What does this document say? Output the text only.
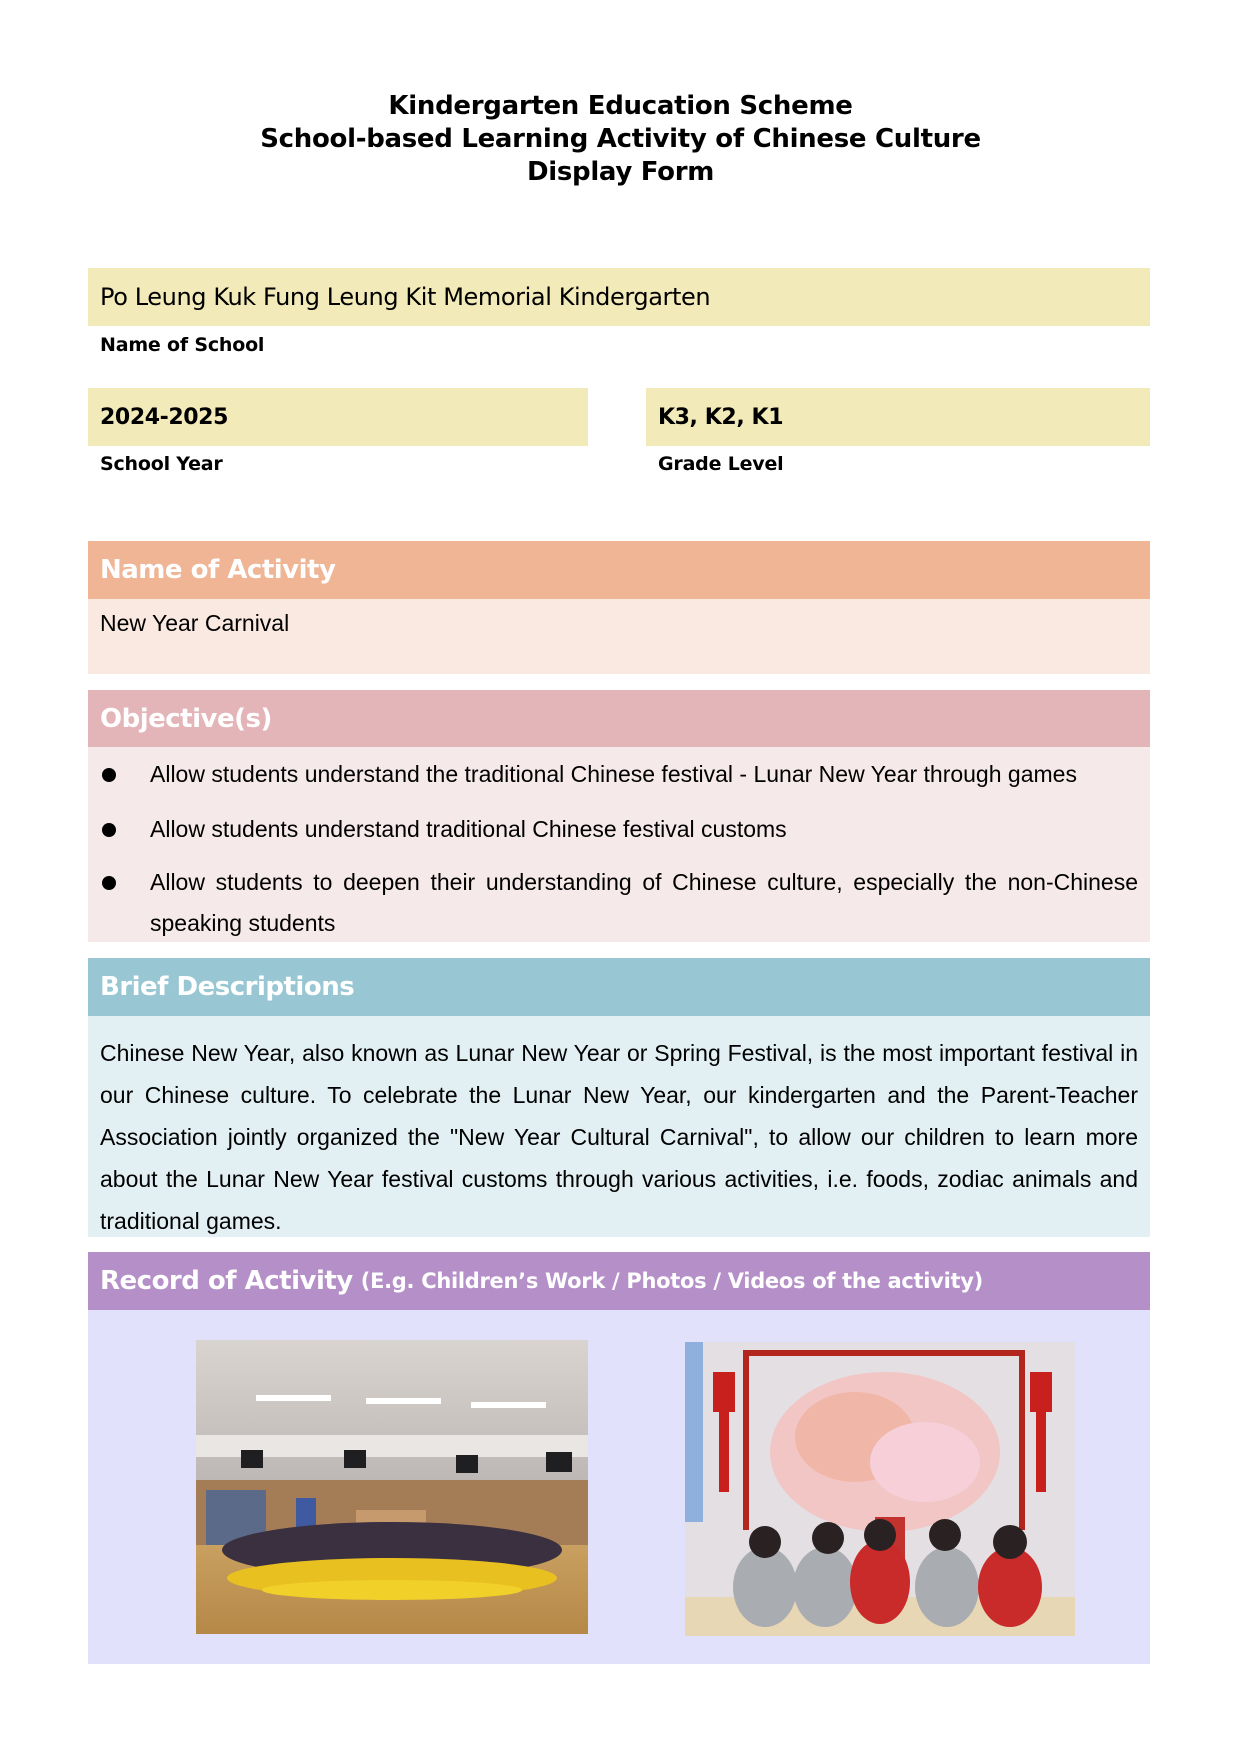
Kindergarten Education Scheme
School-based Learning Activity of Chinese Culture
Display Form
Po Leung Kuk Fung Leung Kit Memorial Kindergarten
Name of School
2024-2025
School Year
K3, K2, K1
Grade Level
Name of Activity
New Year Carnival
Objective(s)
Allow students understand the traditional Chinese festival - Lunar New Year through games
Allow students understand traditional Chinese festival customs
Allow students to deepen their understanding of Chinese culture, especially the non-Chinese speaking students
Brief Descriptions
Chinese New Year, also known as Lunar New Year or Spring Festival, is the most important festival in our Chinese culture. To celebrate the Lunar New Year, our kindergarten and the Parent-Teacher Association jointly organized the "New Year Cultural Carnival", to allow our children to learn more about the Lunar New Year festival customs through various activities, i.e. foods, zodiac animals and traditional games.
Record of Activity (E.g. Children’s Work / Photos / Videos of the activity)
